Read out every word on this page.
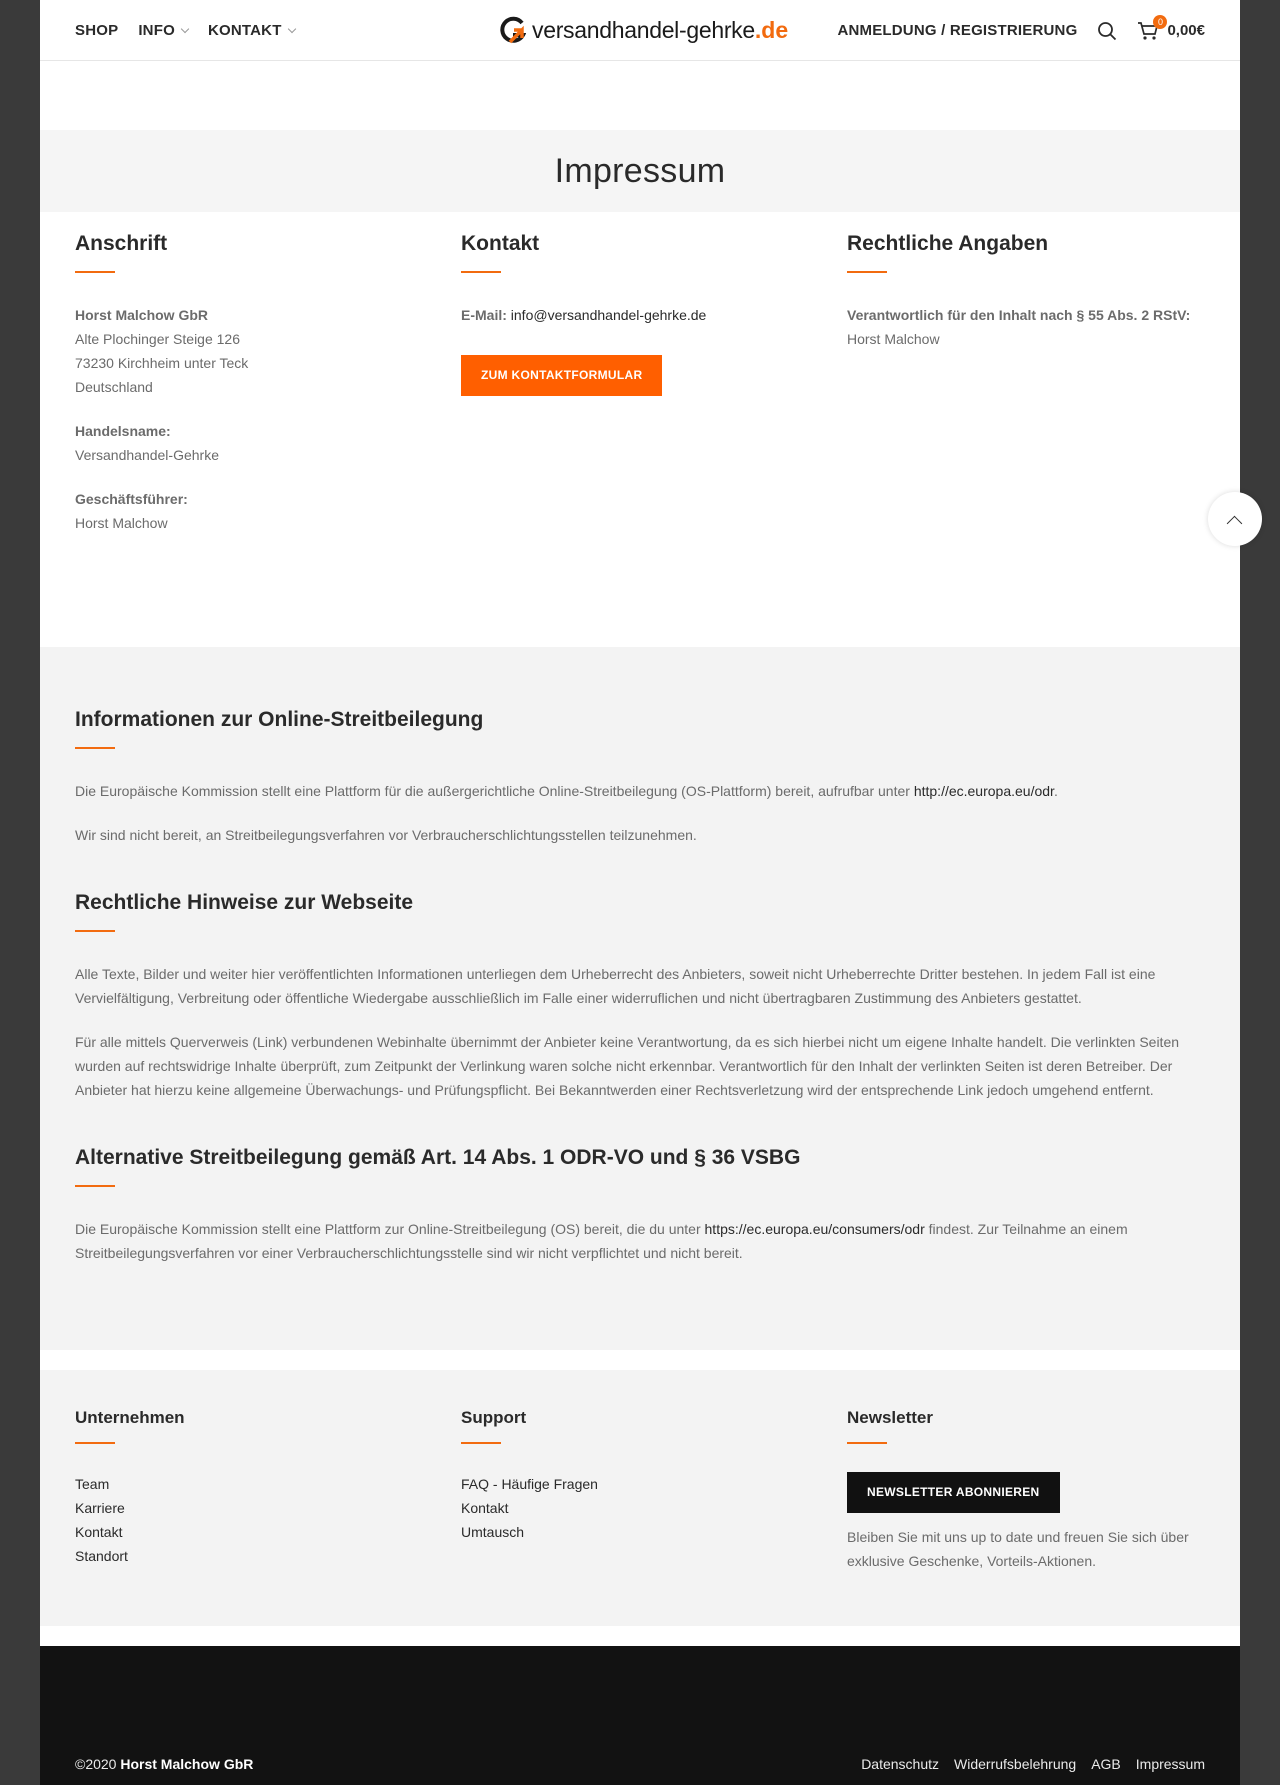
SHOP INFO KONTAKT	versandhandel-gehrke .de	ANMELDUNG / REGISTRIERUNG
0
0,00€
Impressum
Anschrift
Horst Malchow GbR
Alte Plochinger Steige 126
73230 Kirchheim unter Teck
Deutschland
Handelsname:
Versandhandel-Gehrke
Geschäftsführer:
Horst Malchow
Kontakt
E-Mail: info@versandhandel-gehrke.de
ZUM KONTAKTFORMULAR
Rechtliche Angaben
Verantwortlich für den Inhalt nach § 55 Abs. 2 RStV:
Horst Malchow
Informationen zur Online-Streitbeilegung

Die Europäische Kommission stellt eine Plattform für die außergerichtliche Online-Streitbeilegung (OS-Plattform) bereit, aufrufbar unter http://ec.europa.eu/odr.

Wir sind nicht bereit, an Streitbeilegungsverfahren vor Verbraucherschlichtungsstellen teilzunehmen.

Rechtliche Hinweise zur Webseite

Alle Texte, Bilder und weiter hier veröffentlichten Informationen unterliegen dem Urheberrecht des Anbieters, soweit nicht Urheberrechte Dritter bestehen. In jedem Fall ist eine Vervielfältigung, Verbreitung oder öffentliche Wiedergabe ausschließlich im Falle einer widerruflichen und nicht übertragbaren Zustimmung des Anbieters gestattet.

Für alle mittels Querverweis (Link) verbundenen Webinhalte übernimmt der Anbieter keine Verantwortung, da es sich hierbei nicht um eigene Inhalte handelt. Die verlinkten Seiten wurden auf rechtswidrige Inhalte überprüft, zum Zeitpunkt der Verlinkung waren solche nicht erkennbar. Verantwortlich für den Inhalt der verlinkten Seiten ist deren Betreiber. Der Anbieter hat hierzu keine allgemeine Überwachungs- und Prüfungspflicht. Bei Bekanntwerden einer Rechtsverletzung wird der entsprechende Link jedoch umgehend entfernt.

Alternative Streitbeilegung gemäß Art. 14 Abs. 1 ODR-VO und § 36 VSBG

Die Europäische Kommission stellt eine Plattform zur Online-Streitbeilegung (OS) bereit, die du unter https://ec.europa.eu/consumers/odr findest. Zur Teilnahme an einem Streitbeilegungsverfahren vor einer Verbraucherschlichtungsstelle sind wir nicht verpflichtet und nicht bereit.

Unternehmen
Team
Karriere
Kontakt
Standort
Support
FAQ - Häufige Fragen
Kontakt
Umtausch
Newsletter
NEWSLETTER ABONNIEREN
Bleiben Sie mit uns up to date und freuen Sie sich über exklusive Geschenke, Vorteils-Aktionen.
©2020 Horst Malchow GbR	Datenschutz Widerrufsbelehrung AGB Impressum
